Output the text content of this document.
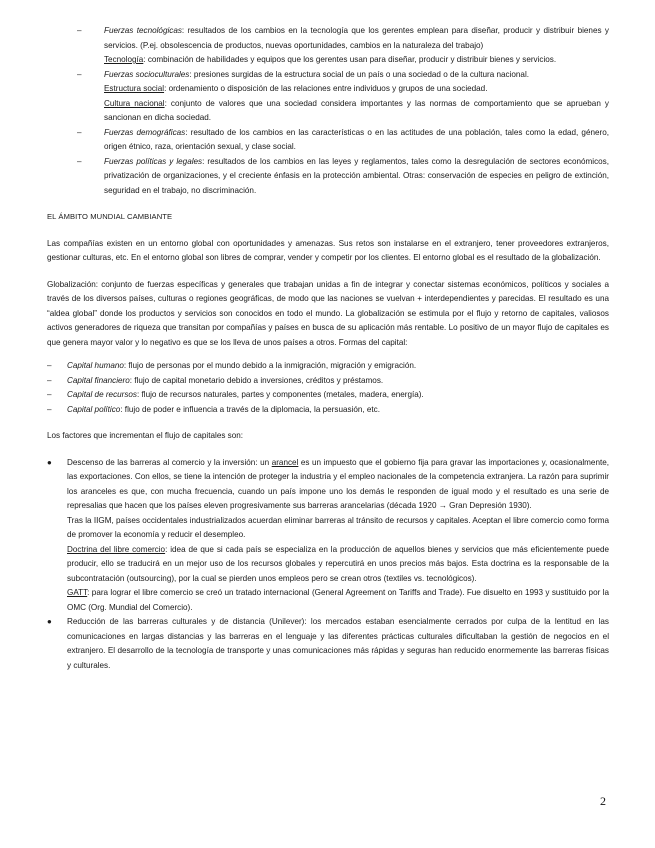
–	Fuerzas tecnológicas: resultados de los cambios en la tecnología que los gerentes emplean para diseñar, producir y distribuir bienes y servicios. (P.ej. obsolescencia de productos, nuevas oportunidades, cambios en la naturaleza del trabajo)

Tecnología: combinación de habilidades y equipos que los gerentes usan para diseñar, producir y distribuir bienes y servicios.

–	Fuerzas socioculturales: presiones surgidas de la estructura social de un país o una sociedad o de la cultura nacional.

Estructura social: ordenamiento o disposición de las relaciones entre individuos y grupos de una sociedad.

Cultura nacional: conjunto de valores que una sociedad considera importantes y las normas de comportamiento que se aprueban y sancionan en dicha sociedad.

–	Fuerzas demográficas: resultado de los cambios en las características o en las actitudes de una población, tales como la edad, género, origen étnico, raza, orientación sexual, y clase social.

–	Fuerzas políticas y legales: resultados de los cambios en las leyes y reglamentos, tales como la desregulación de sectores económicos, privatización de organizaciones, y el creciente énfasis en la protección ambiental. Otras: conservación de especies en peligro de extinción, seguridad en el trabajo, no discriminación.

EL ÁMBITO MUNDIAL CAMBIANTE

Las compañías existen en un entorno global con oportunidades y amenazas. Sus retos son instalarse en el extranjero, tener proveedores extranjeros, gestionar culturas, etc. En el entorno global son libres de comprar, vender y competir por los clientes. El entorno global es el resultado de la globalización.

Globalización: conjunto de fuerzas específicas y generales que trabajan unidas a fin de integrar y conectar sistemas económicos, políticos y sociales a través de los diversos países, culturas o regiones geográficas, de modo que las naciones se vuelvan + interdependientes y parecidas. El resultado es una “aldea global” donde los productos y servicios son conocidos en todo el mundo. La globalización se estimula por el flujo y retorno de capitales, valiosos activos generadores de riqueza que transitan por compañías y países en busca de su aplicación más rentable. Lo positivo de un mayor flujo de capitales es que genera mayor valor y lo negativo es que se los lleva de unos países a otros. Formas del capital:

– Capital humano: flujo de personas por el mundo debido a la inmigración, migración y emigración.
– Capital financiero: flujo de capital monetario debido a inversiones, créditos y préstamos.
– Capital de recursos: flujo de recursos naturales, partes y componentes (metales, madera, energía).
– Capital político: flujo de poder e influencia a través de la diplomacia, la persuasión, etc.

Los factores que incrementan el flujo de capitales son:

● Descenso de las barreras al comercio y la inversión: un arancel es un impuesto que el gobierno fija para gravar las importaciones y, ocasionalmente, las exportaciones. Con ellos, se tiene la intención de proteger la industria y el empleo nacionales de la competencia extranjera. La razón para suprimir los aranceles es que, con mucha frecuencia, cuando un país impone uno los demás le responden de igual modo y el resultado es una serie de represalias que hacen que los países eleven progresivamente sus barreras arancelarias (década 1920 → Gran Depresión 1930).

Tras la IIGM, países occidentales industrializados acuerdan eliminar barreras al tránsito de recursos y capitales. Aceptan el libre comercio como forma de promover la economía y reducir el desempleo.

Doctrina del libre comercio: idea de que si cada país se especializa en la producción de aquellos bienes y servicios que más eficientemente puede producir, ello se traducirá en un mejor uso de los recursos globales y repercutirá en unos precios más bajos. Esta doctrina es la responsable de la subcontratación (outsourcing), por la cual se pierden unos empleos pero se crean otros (textiles vs. tecnológicos).

GATT: para lograr el libre comercio se creó un tratado internacional (General Agreement on Tariffs and Trade). Fue disuelto en 1993 y sustituido por la OMC (Org. Mundial del Comercio).

● Reducción de las barreras culturales y de distancia (Unilever): los mercados estaban esencialmente cerrados por culpa de la lentitud en las comunicaciones en largas distancias y las barreras en el lenguaje y las diferentes prácticas culturales dificultaban la gestión de negocios en el extranjero. El desarrollo de la tecnología de transporte y unas comunicaciones más rápidas y seguras han reducido enormemente las barreras físicas y culturales.

2
